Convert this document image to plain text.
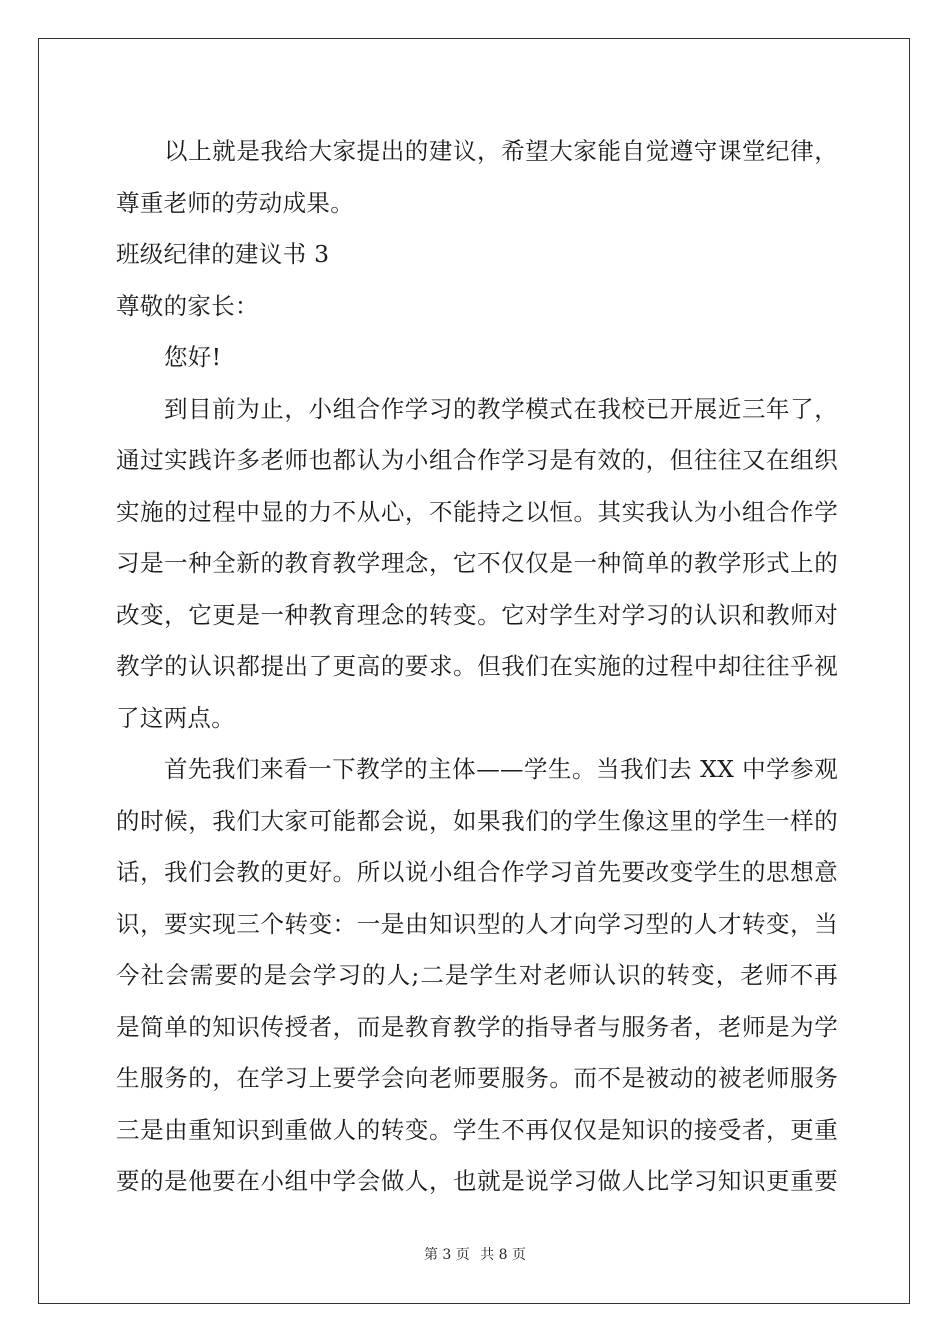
以上就是我给大家提出的建议，希望大家能自觉遵守课堂纪律，
尊重老师的劳动成果。
班级纪律的建议书 3
尊敬的家长：
您好!
到目前为止，小组合作学习的教学模式在我校已开展近三年了，
通过实践许多老师也都认为小组合作学习是有效的，但往往又在组织
实施的过程中显的力不从心，不能持之以恒。其实我认为小组合作学
习是一种全新的教育教学理念，它不仅仅是一种简单的教学形式上的
改变，它更是一种教育理念的转变。它对学生对学习的认识和教师对
教学的认识都提出了更高的要求。但我们在实施的过程中却往往乎视
了这两点。
首先我们来看一下教学的主体——学生。当我们去 XX 中学参观
的时候，我们大家可能都会说，如果我们的学生像这里的学生一样的
话，我们会教的更好。所以说小组合作学习首先要改变学生的思想意
识，要实现三个转变：一是由知识型的人才向学习型的人才转变，当
今社会需要的是会学习的人;二是学生对老师认识的转变，老师不再
是简单的知识传授者，而是教育教学的指导者与服务者，老师是为学
生服务的，在学习上要学会向老师要服务。而不是被动的被老师服务
三是由重知识到重做人的转变。学生不再仅仅是知识的接受者，更重
要的是他要在小组中学会做人，也就是说学习做人比学习知识更重要
第 3 页 共 8 页
